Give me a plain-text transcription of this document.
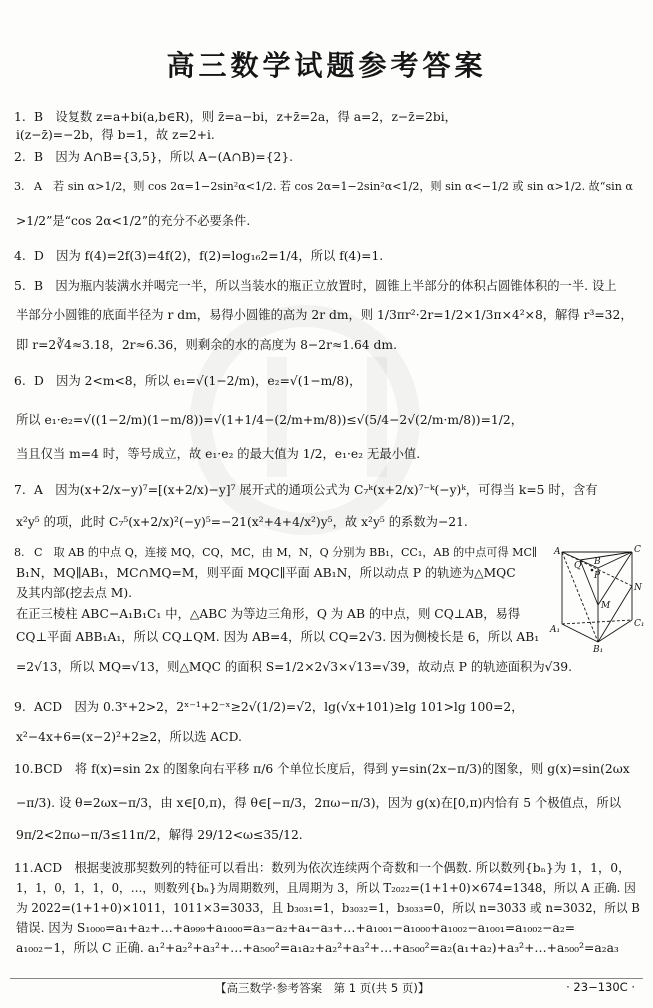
高三数学试题参考答案
1. B　 设复数 z=a+bi(a,b∈R)，则 z̄=a−bi，z+z̄=2a，得 a=2，z−z̄=2bi，
i(z−z̄)=−2b，得 b=1，故 z=2+i.
2. B　 因为 A∩B={3,5}，所以 A−(A∩B)={2}.
3. A　 若 sin α>1/2，则 cos 2α=1−2sin²α<1/2. 若 cos 2α=1−2sin²α<1/2，则 sin α<−1/2 或 sin α>1/2. 故“sin α
>1/2”是“cos 2α<1/2”的充分不必要条件.
4. D　 因为 f(4)=2f(3)=4f(2)，f(2)=log₁₆2=1/4，所以 f(4)=1.
5. B　 因为瓶内装满水并喝完一半，所以当装水的瓶正立放置时，圆锥上半部分的体积占圆锥体积的一半. 设上
半部分小圆锥的底面半径为 r dm，易得小圆锥的高为 2r dm，则 1/3πr²·2r=1/2×1/3π×4²×8，解得 r³=32，
即 r=2∛4≈3.18，2r≈6.36，则剩余的水的高度为 8−2r≈1.64 dm.
6. D　 因为 2<m<8，所以 e₁=√(1−2/m)，e₂=√(1−m/8)，
所以 e₁·e₂=√((1−2/m)(1−m/8))=√(1+1/4−(2/m+m/8))≤√(5/4−2√(2/m·m/8))=1/2，
当且仅当 m=4 时，等号成立，故 e₁·e₂ 的最大值为 1/2，e₁·e₂ 无最小值.
7. A　 因为(x+2/x−y)⁷=[(x+2/x)−y]⁷ 展开式的通项公式为 C₇ᵏ(x+2/x)⁷⁻ᵏ(−y)ᵏ，可得当 k=5 时，含有
x²y⁵ 的项，此时 C₇⁵(x+2/x)²(−y)⁵=−21(x²+4+4/x²)y⁵，故 x²y⁵ 的系数为−21.
8. C　 取 AB 的中点 Q，连接 MQ，CQ，MC，由 M，N，Q 分别为 BB₁，CC₁，AB 的中点可得 MC∥
B₁N，MQ∥AB₁，MC∩MQ=M，则平面 MQC∥平面 AB₁N，所以动点 P 的轨迹为△MQC
及其内部(挖去点 M).
在正三棱柱 ABC−A₁B₁C₁ 中，△ABC 为等边三角形，Q 为 AB 的中点，则 CQ⊥AB，易得
CQ⊥平面 ABB₁A₁，所以 CQ⊥QM. 因为 AB=4，所以 CQ=2√3. 因为侧棱长是 6，所以 AB₁
=2√13，所以 MQ=√13，则△MQC 的面积 S=1/2×2√3×√13=√39，故动点 P 的轨迹面积为√39.
A
B
C
Q
P
M
N
A₁
B₁
C₁
9. ACD　 因为 0.3ˣ+2>2，2ˣ⁻¹+2⁻ˣ≥2√(1/2)=√2，lg(√x+101)≥lg 101>lg 100=2，
x²−4x+6=(x−2)²+2≥2，所以选 ACD.
10.BCD　 将 f(x)=sin 2x 的图象向右平移 π/6 个单位长度后，得到 y=sin(2x−π/3)的图象，则 g(x)=sin(2ωx
−π/3). 设 θ=2ωx−π/3，由 x∈[0,π)，得 θ∈[−π/3，2πω−π/3)，因为 g(x)在[0,π)内恰有 5 个极值点，所以
9π/2<2πω−π/3≤11π/2，解得 29/12<ω≤35/12.
11.ACD　 根据斐波那契数列的特征可以看出：数列为依次连续两个奇数和一个偶数. 所以数列{bₙ}为 1，1，0，
1，1，0，1，1，0，…，则数列{bₙ}为周期数列，且周期为 3，所以 T₂₀₂₂=(1+1+0)×674=1348，所以 A 正确. 因
为 2022=(1+1+0)×1011，1011×3=3033，且 b₃₀₃₁=1，b₃₀₃₂=1，b₃₀₃₃=0，所以 n=3033 或 n=3032，所以 B
错误. 因为 S₁₀₀₀=a₁+a₂+…+a₉₉₉+a₁₀₀₀=a₃−a₂+a₄−a₃+…+a₁₀₀₁−a₁₀₀₀+a₁₀₀₂−a₁₀₀₁=a₁₀₀₂−a₂=
a₁₀₀₂−1，所以 C 正确. a₁²+a₂²+a₃²+…+a₅₀₀²=a₁a₂+a₂²+a₃²+…+a₅₀₀²=a₂(a₁+a₂)+a₃²+…+a₅₀₀²=a₂a₃
【高三数学·参考答案　第 1 页(共 5 页)】	· 23−130C ·
